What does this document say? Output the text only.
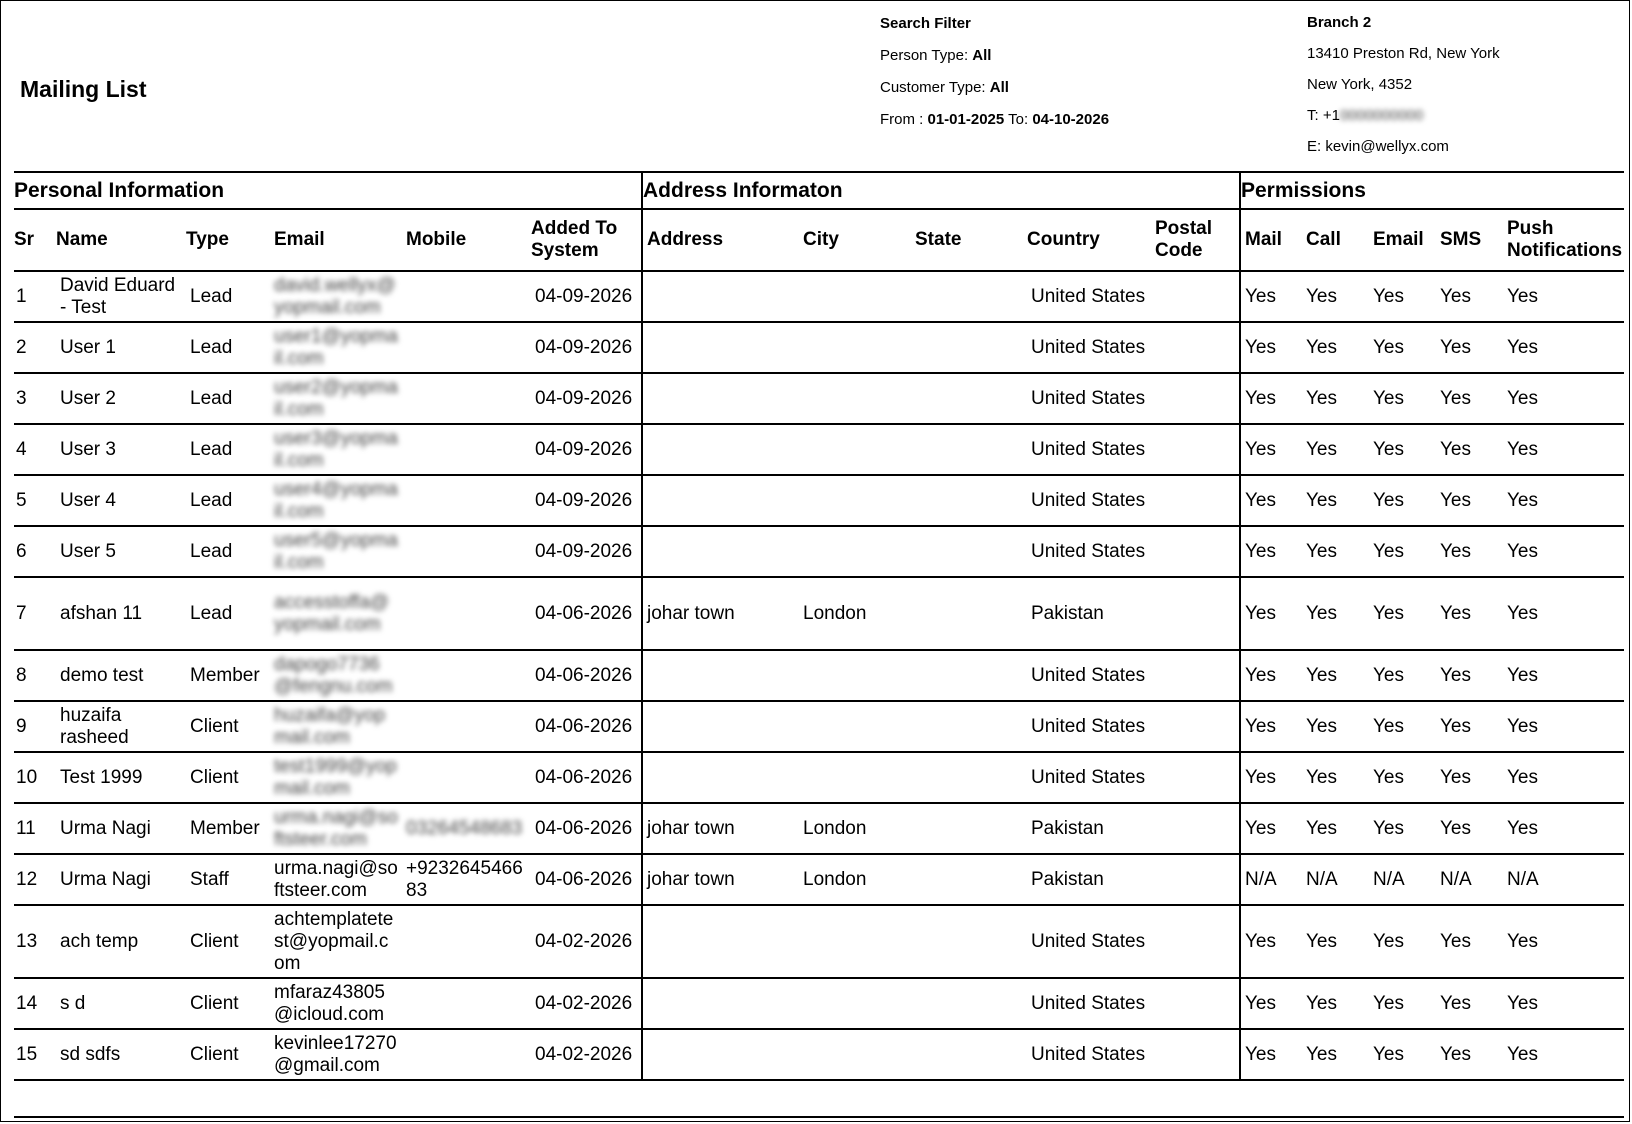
Mailing List
Search Filter
Person Type: All
Customer Type: All
From : 01-01-2025 To: 04-10-2026
Branch 2
13410 Preston Rd, New York
New York, 4352
T: +10000000000
E: kevin@wellyx.com
Personal Information						Address Informaton					Permissions				
Sr	Name	Type	Email	Mobile	Added To System	Address	City	State	Country	Postal Code	Mail	Call	Email	SMS	Push Notifications
1	David Eduard - Test	Lead	david.wellyx@yopmail.com		04-09-2026				United States		Yes	Yes	Yes	Yes	Yes
2	User 1	Lead	user1@yopmail.com		04-09-2026				United States		Yes	Yes	Yes	Yes	Yes
3	User 2	Lead	user2@yopmail.com		04-09-2026				United States		Yes	Yes	Yes	Yes	Yes
4	User 3	Lead	user3@yopmail.com		04-09-2026				United States		Yes	Yes	Yes	Yes	Yes
5	User 4	Lead	user4@yopmail.com		04-09-2026				United States		Yes	Yes	Yes	Yes	Yes
6	User 5	Lead	user5@yopmail.com		04-09-2026				United States		Yes	Yes	Yes	Yes	Yes
7	afshan 11	Lead	accesstoffa@yopmail.com		04-06-2026	johar town	London		Pakistan		Yes	Yes	Yes	Yes	Yes
8	demo test	Member	dapogo7736@fengnu.com		04-06-2026				United States		Yes	Yes	Yes	Yes	Yes
9	huzaifa rasheed	Client	huzaifa@yopmail.com		04-06-2026				United States		Yes	Yes	Yes	Yes	Yes
10	Test 1999	Client	test1999@yopmail.com		04-06-2026				United States		Yes	Yes	Yes	Yes	Yes
11	Urma Nagi	Member	urma.nagi@softsteer.com	03264548683	04-06-2026	johar town	London		Pakistan		Yes	Yes	Yes	Yes	Yes
12	Urma Nagi	Staff	urma.nagi@softsteer.com	+923264546683	04-06-2026	johar town	London		Pakistan		N/A	N/A	N/A	N/A	N/A
13	ach temp	Client	achtemplatetest@yopmail.com		04-02-2026				United States		Yes	Yes	Yes	Yes	Yes
14	s d	Client	mfaraz43805@icloud.com		04-02-2026				United States		Yes	Yes	Yes	Yes	Yes
15	sd sdfs	Client	kevinlee17270@gmail.com		04-02-2026				United States		Yes	Yes	Yes	Yes	Yes
